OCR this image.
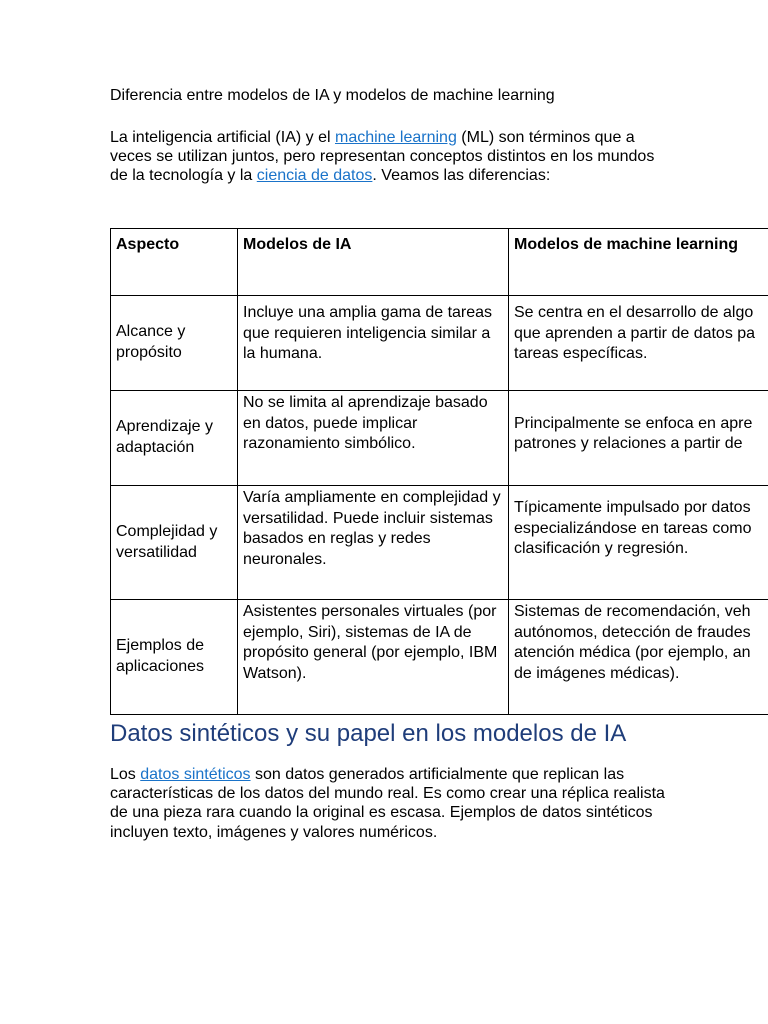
Diferencia entre modelos de IA y modelos de machine learning
La inteligencia artificial (IA) y el machine learning (ML) son términos que a veces se utilizan juntos, pero representan conceptos distintos en los mundos de la tecnología y la ciencia de datos. Veamos las diferencias:
Aspecto	Modelos de IA	Modelos de machine learning
Alcance y propósito	Incluye una amplia gama de tareas que requieren inteligencia similar a la humana.	Se centra en el desarrollo de algo
que aprenden a partir de datos pa
tareas específicas.
Aprendizaje y adaptación	No se limita al aprendizaje basado en datos, puede implicar razonamiento simbólico.	Principalmente se enfoca en apre
patrones y relaciones a partir de
Complejidad y versatilidad	Varía ampliamente en complejidad y versatilidad. Puede incluir sistemas basados en reglas y redes neuronales.	Típicamente impulsado por datos
especializándose en tareas como
clasificación y regresión.
Ejemplos de aplicaciones	Asistentes personales virtuales (por ejemplo, Siri), sistemas de IA de propósito general (por ejemplo, IBM Watson).	Sistemas de recomendación, veh
autónomos, detección de fraudes
atención médica (por ejemplo, an
de imágenes médicas).
Datos sintéticos y su papel en los modelos de IA
Los datos sintéticos son datos generados artificialmente que replican las características de los datos del mundo real. Es como crear una réplica realista de una pieza rara cuando la original es escasa. Ejemplos de datos sintéticos incluyen texto, imágenes y valores numéricos.
